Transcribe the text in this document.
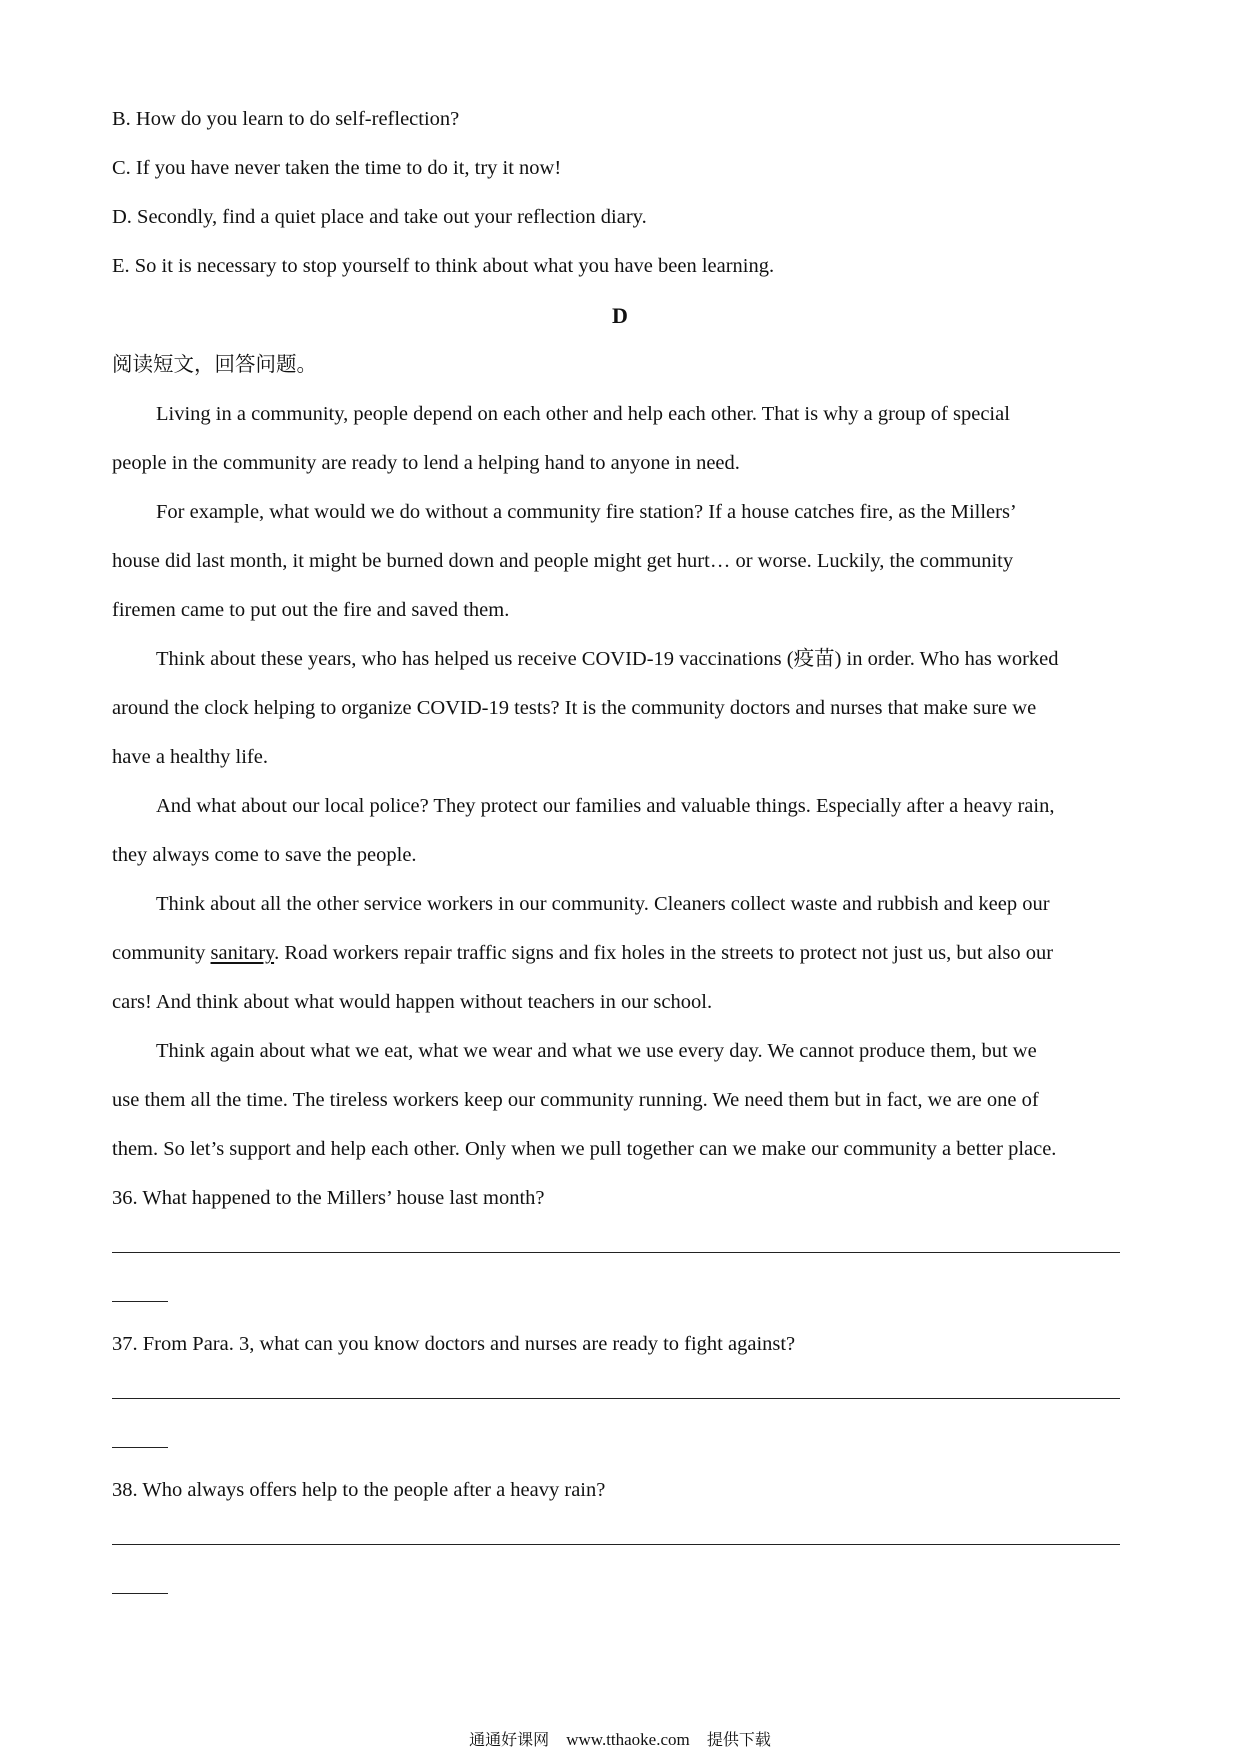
B. How do you learn to do self-reflection?
C. If you have never taken the time to do it, try it now!
D. Secondly, find a quiet place and take out your reflection diary.
E. So it is necessary to stop yourself to think about what you have been learning.
D
阅读短文，回答问题。
Living in a community, people depend on each other and help each other. That is why a group of special
people in the community are ready to lend a helping hand to anyone in need.
For example, what would we do without a community fire station? If a house catches fire, as the Millers’
house did last month, it might be burned down and people might get hurt… or worse. Luckily, the community
firemen came to put out the fire and saved them.
Think about these years, who has helped us receive COVID-19 vaccinations (疫苗) in order. Who has worked
around the clock helping to organize COVID-19 tests? It is the community doctors and nurses that make sure we
have a healthy life.
And what about our local police? They protect our families and valuable things. Especially after a heavy rain,
they always come to save the people.
Think about all the other service workers in our community. Cleaners collect waste and rubbish and keep our
community sanitary. Road workers repair traffic signs and fix holes in the streets to protect not just us, but also our
cars! And think about what would happen without teachers in our school.
Think again about what we eat, what we wear and what we use every day. We cannot produce them, but we
use them all the time. The tireless workers keep our community running. We need them but in fact, we are one of
them. So let’s support and help each other. Only when we pull together can we make our community a better place.
36. What happened to the Millers’ house last month?
37. From Para. 3, what can you know doctors and nurses are ready to fight against?
38. Who always offers help to the people after a heavy rain?
通通好课网 www.tthaoke.com 提供下载
